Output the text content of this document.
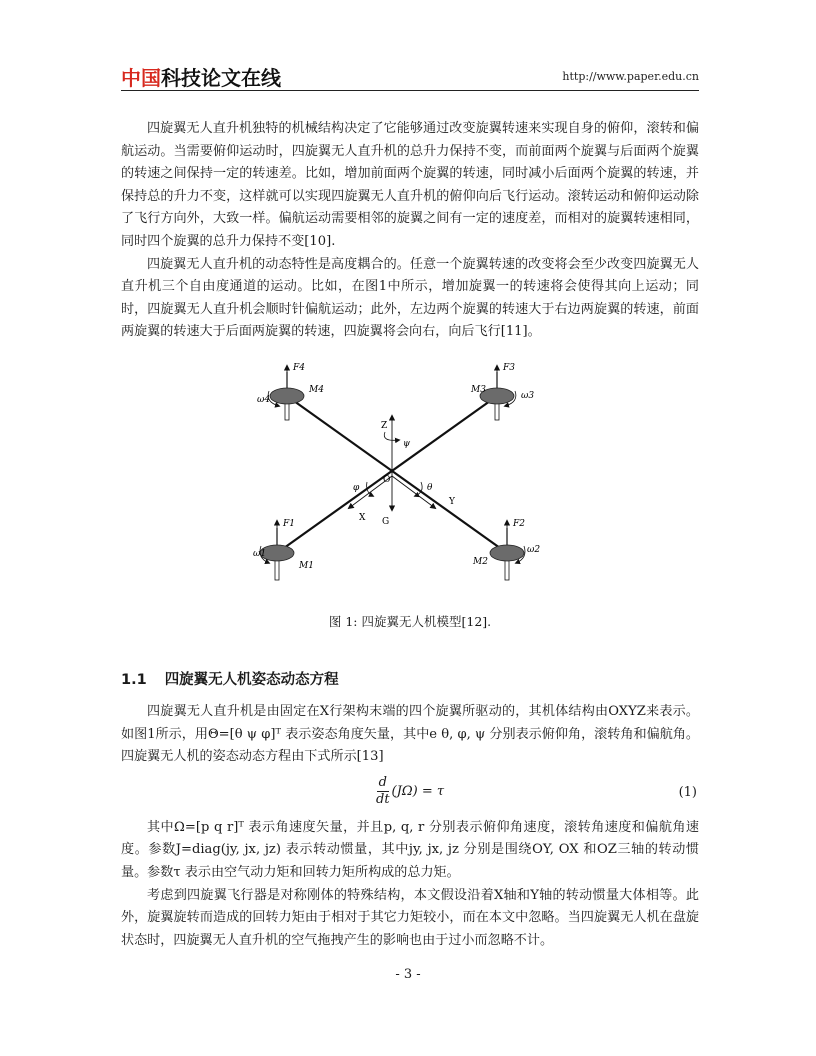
中国 科技论文在线	http://www.paper.edu.cn

四旋翼无人直升机独特的机械结构决定了它能够通过改变旋翼转速来实现自身的俯仰，滚转和偏航运动。当需要俯仰运动时，四旋翼无人直升机的总升力保持不变，而前面两个旋翼与后面两个旋翼的转速之间保持一定的转速差。比如，增加前面两个旋翼的转速，同时减小后面两个旋翼的转速，并保持总的升力不变，这样就可以实现四旋翼无人直升机的俯仰向后飞行运动。滚转运动和俯仰运动除了飞行方向外，大致一样。偏航运动需要相邻的旋翼之间有一定的速度差，而相对的旋翼转速相同，同时四个旋翼的总升力保持不变[10].

四旋翼无人直升机的动态特性是高度耦合的。任意一个旋翼转速的改变将会至少改变四旋翼无人直升机三个自由度通道的运动。比如，在图1中所示，增加旋翼一的转速将会使得其向上运动；同时，四旋翼无人直升机会顺时针偏航运动；此外，左边两个旋翼的转速大于右边两旋翼的转速，前面两旋翼的转速大于后面两旋翼的转速，四旋翼将会向右，向后飞行[11]。

F4
M4
ω4
F3
M3
ω3
F1
M1
ω1
F2
M2
ω2
Z
ψ
O
φ	θ
X
Y
G
图 1: 四旋翼无人机模型[12].
1.1 四旋翼无人机姿态动态方程

四旋翼无人直升机是由固定在X行架构末端的四个旋翼所驱动的，其机体结构由OXYZ来表示。如图1所示，用Θ=[θ ψ φ]ᵀ 表示姿态角度矢量，其中e θ, φ, ψ 分别表示俯仰角，滚转角和偏航角。四旋翼无人机的姿态动态方程由下式所示[13]

$\frac{d}{dt} (J\Omega) = \tau$	(1)

其中Ω=[p q r]ᵀ 表示角速度矢量，并且p, q, r 分别表示俯仰角速度，滚转角速度和偏航角速度。参数J=diag(jy, jx, jz) 表示转动惯量，其中jy, jx, jz 分别是围绕OY, OX 和OZ三轴的转动惯量。参数τ 表示由空气动力矩和回转力矩所构成的总力矩。

考虑到四旋翼飞行器是对称刚体的特殊结构，本文假设沿着X轴和Y轴的转动惯量大体相等。此外，旋翼旋转而造成的回转力矩由于相对于其它力矩较小，而在本文中忽略。当四旋翼无人机在盘旋状态时，四旋翼无人直升机的空气拖拽产生的影响也由于过小而忽略不计。

- 3 -
